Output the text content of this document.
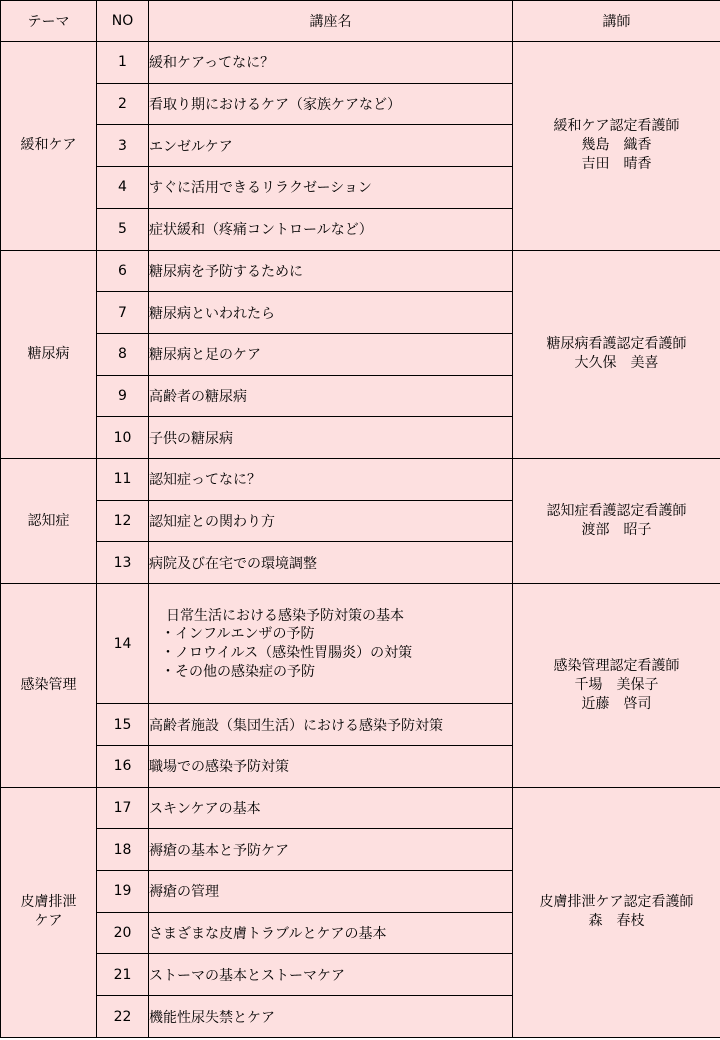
テーマ	NO	講座名	講師

緩和ケア	1	緩和ケアってなに？	緩和ケア認定看護師
幾島　織香
吉田　晴香

	2	看取り期におけるケア（家族ケアなど）	
	3	エンゼルケア	
	4	すぐに活用できるリラクゼーション	
	5	症状緩和（疼痛コントロールなど）	

糖尿病	6	糖尿病を予防するために	糖尿病看護認定看護師
大久保　美喜

	7	糖尿病といわれたら	
	8	糖尿病と足のケア	
	9	高齢者の糖尿病	
	10	子供の糖尿病	

認知症	11	認知症ってなに？	認知症看護認定看護師
渡部　昭子

	12	認知症との関わり方	
	13	病院及び在宅での環境調整	

感染管理	14	日常生活における感染予防対策の基本
・インフルエンザの予防
・ノロウイルス（感染性胃腸炎）の対策
・その他の感染症の予防	感染管理認定看護師
千場　美保子
近藤　啓司

	15	高齢者施設（集団生活）における感染予防対策	
	16	職場での感染予防対策	

皮膚排泄
ケア	17	スキンケアの基本	皮膚排泄ケア認定看護師
森　春枝

	18	褥瘡の基本と予防ケア	
	19	褥瘡の管理	
	20	さまざまな皮膚トラブルとケアの基本	
	21	ストーマの基本とストーマケア	
	22	機能性尿失禁とケア	
